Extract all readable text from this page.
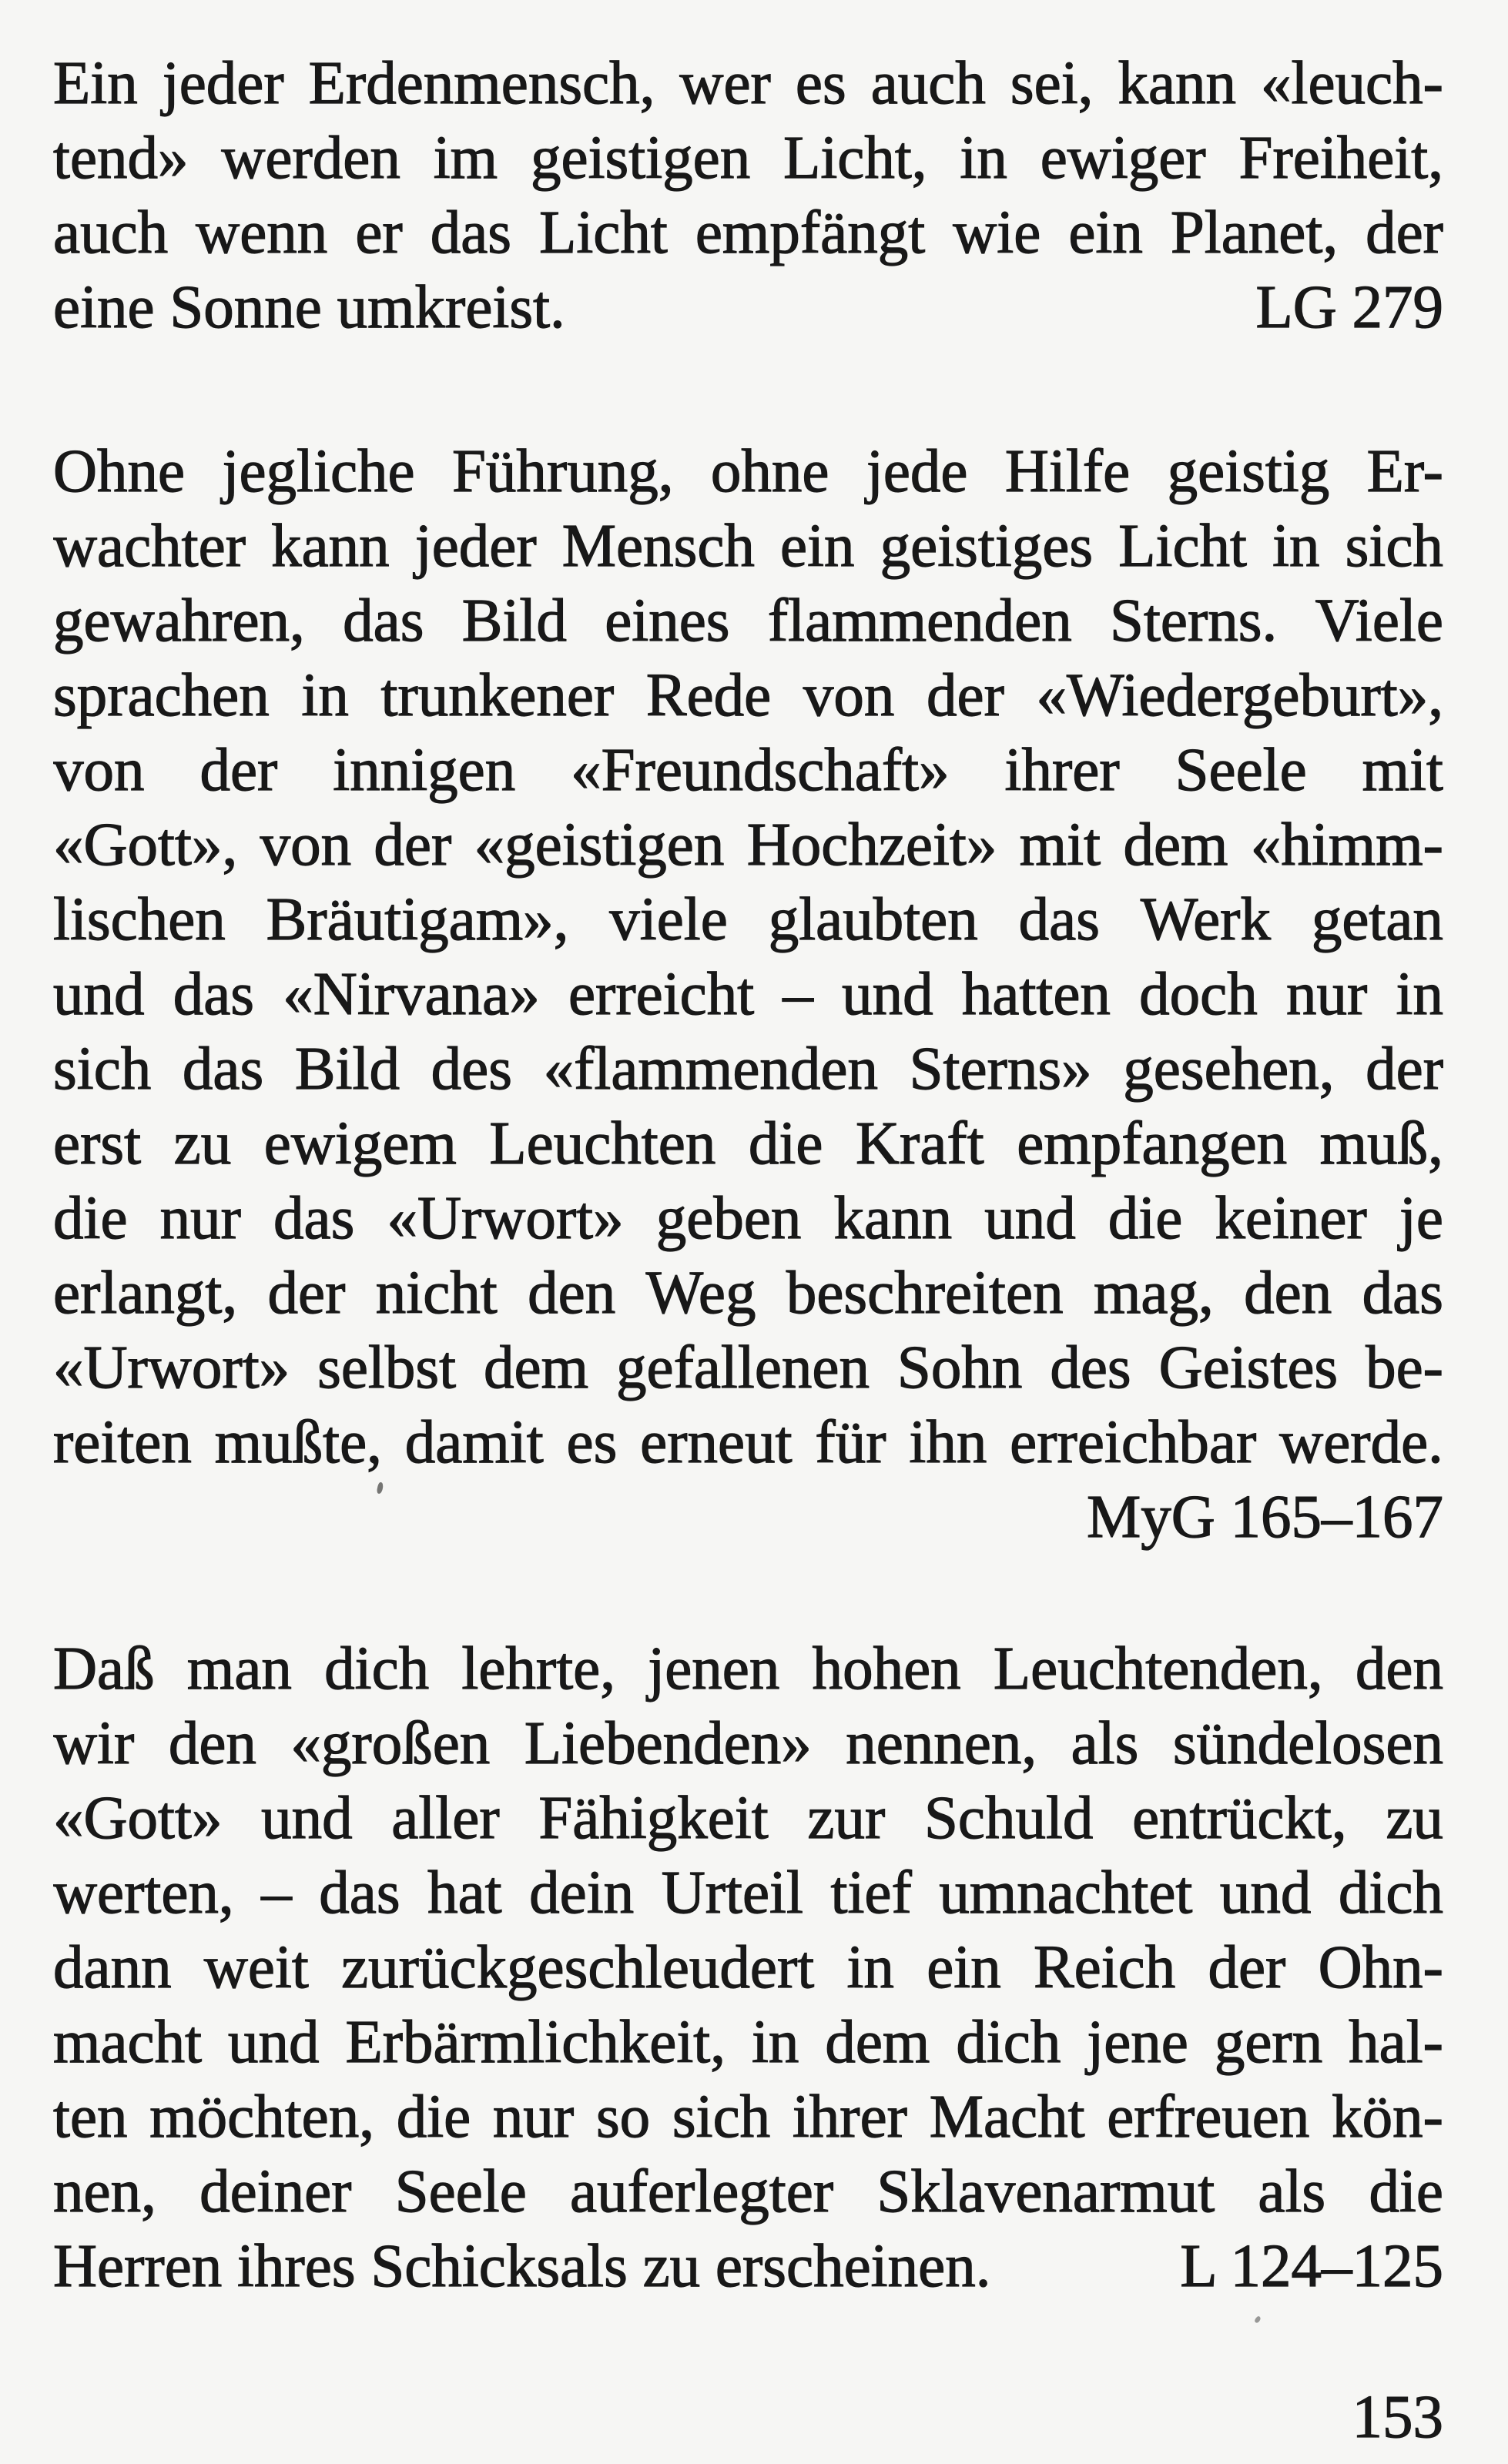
Ein jeder Erdenmensch, wer es auch sei, kann «leuch-
tend» werden im geistigen Licht, in ewiger Freiheit,
auch wenn er das Licht empfängt wie ein Planet, der
eine Sonne umkreist.	LG 279
Ohne jegliche Führung, ohne jede Hilfe geistig Er-
wachter kann jeder Mensch ein geistiges Licht in sich
gewahren, das Bild eines flammenden Sterns. Viele
sprachen in trunkener Rede von der «Wiedergeburt»,
von der innigen «Freundschaft» ihrer Seele mit
«Gott», von der «geistigen Hochzeit» mit dem «himm-
lischen Bräutigam», viele glaubten das Werk getan
und das «Nirvana» erreicht – und hatten doch nur in
sich das Bild des «flammenden Sterns» gesehen, der
erst zu ewigem Leuchten die Kraft empfangen muß,
die nur das «Urwort» geben kann und die keiner je
erlangt, der nicht den Weg beschreiten mag, den das
«Urwort» selbst dem gefallenen Sohn des Geistes be-
reiten mußte, damit es erneut für ihn erreichbar werde.
MyG 165–167
Daß man dich lehrte, jenen hohen Leuchtenden, den
wir den «großen Liebenden» nennen, als sündelosen
«Gott» und aller Fähigkeit zur Schuld entrückt, zu
werten, – das hat dein Urteil tief umnachtet und dich
dann weit zurückgeschleudert in ein Reich der Ohn-
macht und Erbärmlichkeit, in dem dich jene gern hal-
ten möchten, die nur so sich ihrer Macht erfreuen kön-
nen, deiner Seele auferlegter Sklavenarmut als die
Herren ihres Schicksals zu erscheinen.	L 124–125
153
